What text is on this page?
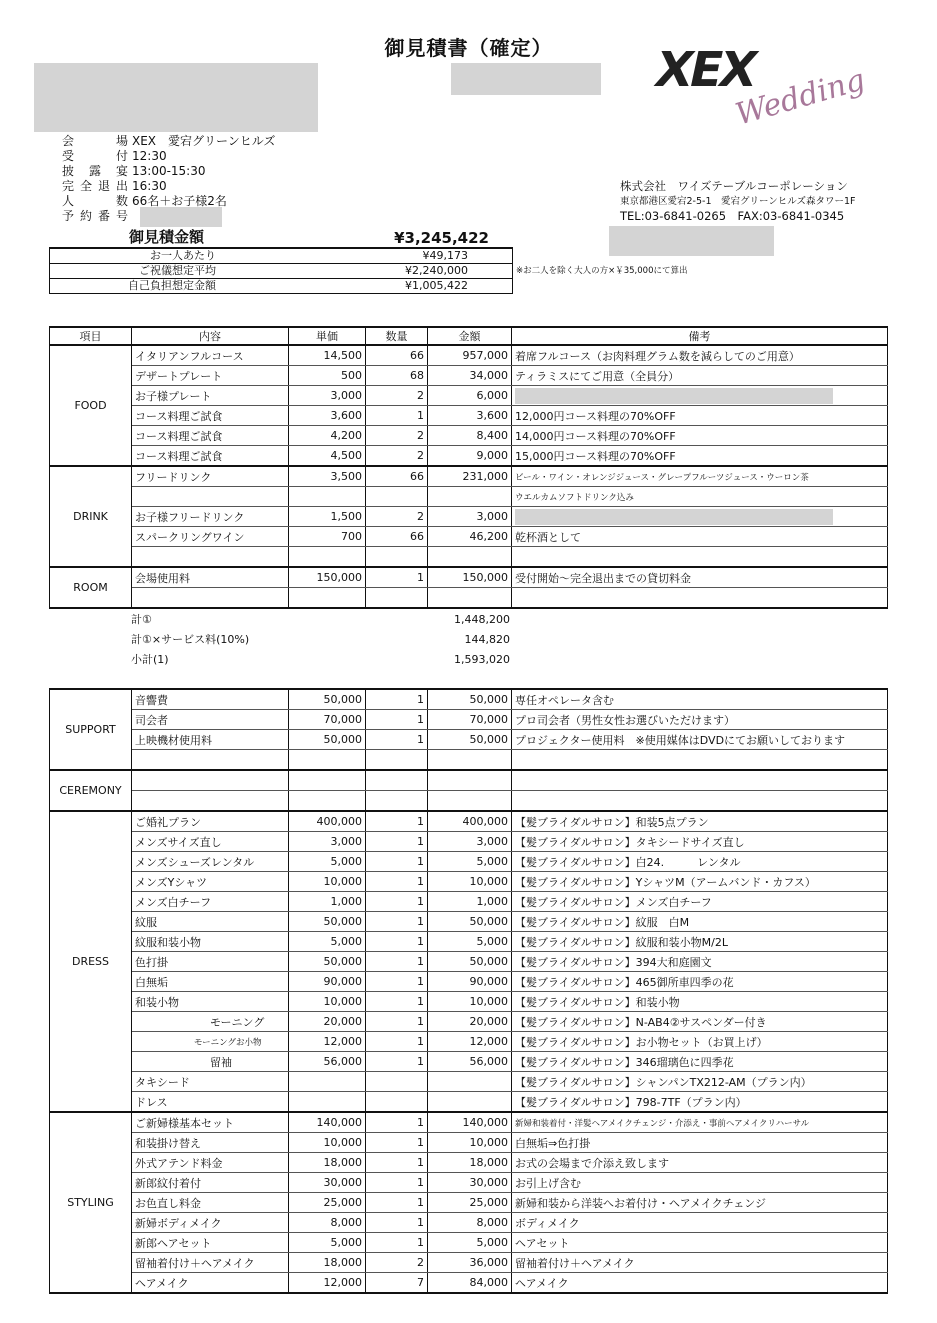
御見積書（確定）	XEX
Wedding
会場 XEX　愛宕グリーンヒルズ
受付 12:30
披露宴 13:00-15:30
完全退出 16:30
人数 66名＋お子様2名
予約番号
株式会社　ワイズテーブルコーポレーション
東京都港区愛宕2-5-1　愛宕グリーンヒルズ森タワー1F
TEL:03-6841-0265　FAX:03-6841-0345
御見積金額	¥3,245,422
お一人あたり	¥49,173
ご祝儀想定平均	¥2,240,000
自己負担想定金額	¥1,005,422
※お二人を除く大人の方×￥35,000にて算出
項目	内容	単価	数量	金額	備考
FOOD	イタリアンフルコース	14,500	66	957,000	着席フルコース（お肉料理グラム数を減らしてのご用意）
	デザートプレート	500	68	34,000	ティラミスにてご用意（全員分）
	お子様プレート	3,000	2	6,000	
	コース料理ご試食	3,600	1	3,600	12,000円コース料理の70%OFF
	コース料理ご試食	4,200	2	8,400	14,000円コース料理の70%OFF
	コース料理ご試食	4,500	2	9,000	15,000円コース料理の70%OFF
DRINK	フリードリンク	3,500	66	231,000	ビール・ワイン・オレンジジュース・グレープフルーツジュース・ウーロン茶
					ウエルカムソフトドリンク込み
	お子様フリードリンク	1,500	2	3,000	
	スパークリングワイン	700	66	46,200	乾杯酒として

ROOM	会場使用料	150,000	1	150,000	受付開始～完全退出までの貸切料金

計①	1,448,200
計①×サービス料(10%)	144,820
小計(1)	1,593,020
SUPPORT	音響費	50,000	1	50,000	専任オペレータ含む
	司会者	70,000	1	70,000	プロ司会者（男性女性お選びいただけます）
	上映機材使用料	50,000	1	50,000	プロジェクター使用料　※使用媒体はDVDにてお願いしております

CEREMONY					

DRESS	ご婚礼プラン	400,000	1	400,000	【髪ブライダルサロン】和装5点プラン
	メンズサイズ直し	3,000	1	3,000	【髪ブライダルサロン】タキシードサイズ直し
	メンズシューズレンタル	5,000	1	5,000	【髪ブライダルサロン】白24.　　　レンタル
	メンズYシャツ	10,000	1	10,000	【髪ブライダルサロン】YシャツM（アームバンド・カフス）
	メンズ白チーフ	1,000	1	1,000	【髪ブライダルサロン】メンズ白チーフ
	紋服	50,000	1	50,000	【髪ブライダルサロン】紋服　白M
	紋服和装小物	5,000	1	5,000	【髪ブライダルサロン】紋服和装小物M/2L
	色打掛	50,000	1	50,000	【髪ブライダルサロン】394大和庭園文
	白無垢	90,000	1	90,000	【髪ブライダルサロン】465御所車四季の花
	和装小物	10,000	1	10,000	【髪ブライダルサロン】和装小物
	モーニング	20,000	1	20,000	【髪ブライダルサロン】N-AB4②サスペンダー付き
	モーニングお小物	12,000	1	12,000	【髪ブライダルサロン】お小物セット（お買上げ）
	留袖	56,000	1	56,000	【髪ブライダルサロン】346瑠璃色に四季花
	タキシード				【髪ブライダルサロン】シャンパンTX212-AM（プラン内）
	ドレス				【髪ブライダルサロン】798-7TF（プラン内）
STYLING	ご新婦様基本セット	140,000	1	140,000	新婦和装着付・洋髪ヘアメイクチェンジ・介添え・事前ヘアメイクリハーサル
	和装掛け替え	10,000	1	10,000	白無垢⇒色打掛
	外式アテンド料金	18,000	1	18,000	お式の会場まで介添え致します
	新郎紋付着付	30,000	1	30,000	お引上げ含む
	お色直し料金	25,000	1	25,000	新婦和装から洋装へお着付け・ヘアメイクチェンジ
	新婦ボディメイク	8,000	1	8,000	ボディメイク
	新郎ヘアセット	5,000	1	5,000	ヘアセット
	留袖着付け＋ヘアメイク	18,000	2	36,000	留袖着付け＋ヘアメイク
	ヘアメイク	12,000	7	84,000	ヘアメイク
